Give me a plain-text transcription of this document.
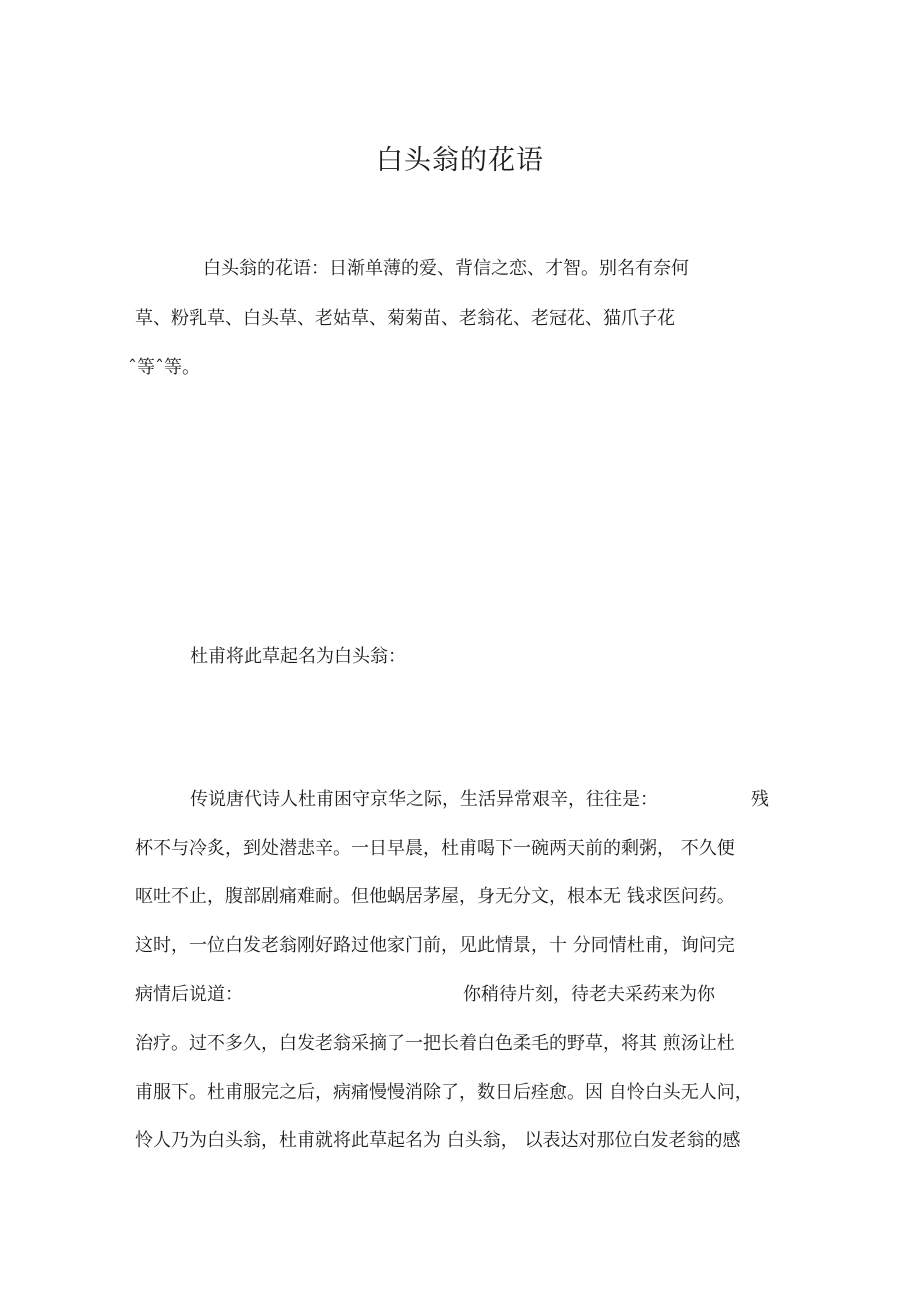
白头翁的花语
白头翁的花语：日渐单薄的爱、背信之恋、才智。别名有奈何
草、粉乳草、白头草、老姑草、菊菊苗、老翁花、老冠花、猫爪子花
ˆ等ˆ等。
杜甫将此草起名为白头翁：
传说唐代诗人杜甫困守京华之际，生活异常艰辛，往往是：	残
杯不与冷炙，到处潜悲辛。一日早晨，杜甫喝下一碗两天前的剩粥， 不久便
呕吐不止，腹部剧痛难耐。但他蜗居茅屋，身无分文，根本无 钱求医问药。
这时，一位白发老翁刚好路过他家门前，见此情景，十 分同情杜甫，询问完
病情后说道：	你稍待片刻，待老夫采药来为你
治疗。过不多久，白发老翁采摘了一把长着白色柔毛的野草，将其 煎汤让杜
甫服下。杜甫服完之后，病痛慢慢消除了，数日后痊愈。因 自怜白头无人问，
怜人乃为白头翁，杜甫就将此草起名为 白头翁， 以表达对那位白发老翁的感
